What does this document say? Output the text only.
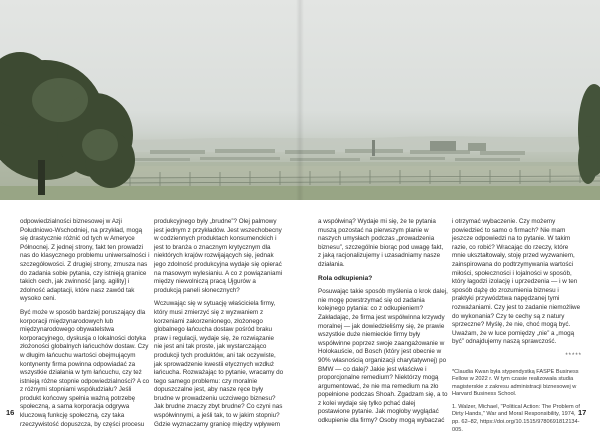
odpowiedzialności biznesowej w Azji Południowo-Wschodniej, na przykład, mogą się drastycznie różnić od tych w Ameryce Północnej. Z jednej strony, fakt ten prowadzi nas do klasycznego problemu uniwersalności i szczegółowości. Z drugiej strony, zmusza nas do zadania sobie pytania, czy istnieją granice takich cech, jak zwinność [ang. agility] i zdolność adaptacji, które nasz zawód tak wysoko ceni.

Być może w sposób bardziej poruszający dla korporacji międzynarodowych lub międzynarodowego obywatelstwa korporacyjnego, dyskusja o lokalności dotyka złożoności globalnych łańcuchów dostaw. Czy w długim łańcuchu wartości obejmującym kontynenty firma powinna odpowiadać za wszystkie działania w tym łańcuchu, czy też istnieją różne stopnie odpowiedzialności? A co z różnymi stopniami współudziału? Jeśli produkt końcowy spełnia ważną potrzebę społeczną, a sama korporacja odgrywa kluczową funkcję społeczną, czy taka rzeczywistość dopuszcza, by części procesu

produkcyjnego były „brudne”? Olej palmowy jest jednym z przykładów. Jest wszechobecny w codziennych produktach konsumenckich i jest to branża o znacznym krytycznym dla niektórych krajów rozwijających się, jednak jego zdolność produkcyjna wydaje się opierać na masowym wylesianiu. A co z powiązaniami między niewolniczą pracą Ujgurów a produkcją paneli słonecznych?

Wczuwając się w sytuację właściciela firmy, który musi zmierzyć się z wyzwaniem z korzeniami zakorzenionego, złożonego globalnego łańcucha dostaw pośród braku praw i regulacji, wydaje się, że rozwiązanie nie jest ani tak proste, jak wystarczająco produkcji tych produktów, ani tak oczywiste, jak sprowadzenie kwestii etycznych wzdłuż łańcucha. Rozważając to pytanie, wracamy do tego samego problemu: czy moralnie dopuszczalne jest, aby nasze ręce były brudne w prowadzeniu uczciwego biznesu? Jak brudne znaczy zbyt brudne? Co czyni nas współwinnymi, a jeśli tak, to w jakim stopniu? Gdzie wyznaczamy granicę między wpływem

a współwiną? Wydaje mi się, że te pytania muszą pozostać na pierwszym planie w naszych umysłach podczas „prowadzenia biznesu”, szczególnie biorąc pod uwagę fakt, z jaką racjonalizujemy i uzasadniamy nasze działania.

Rola odkupienia?

Posuwając takie sposób myślenia o krok dalej, nie mogę powstrzymać się od zadania kolejnego pytania: co z odkupieniem? Zakładając, że firma jest współwinna krzywdy moralnej — jak dowiedzieliśmy się, że prawie wszystkie duże niemieckie firmy były współwinne poprzez swoje zaangażowanie w Holokauście, od Bosch (który jest obecnie w 90% własnością organizacji charytatywnej) po BMW — co dalej? Jakie jest właściwe i proporcjonalne remedium? Niektórzy mogą argumentować, że nie ma remedium na zło popełnione podczas Shoah. Zgadzam się, a to z kolei wydaje się tylko pchać dalej postawione pytanie. Jak mogłoby wyglądać odkupienie dla firmy? Osoby mogą wybaczać

i otrzymać wybaczenie. Czy możemy powiedzieć to samo o firmach? Nie mam jeszcze odpowiedzi na to pytanie. W takim razie, co robić? Wracając do rzeczy, które mnie ukształtowały, stoję przed wyzwaniem, zainspirowana do podtrzymywania wartości miłości, społeczności i lojalności w sposób, który łagodzi izolację i uprzedzenia — i w ten sposób dążę do zrozumienia biznesu i praktyki przywództwa napędzanej tymi rozważaniami. Czy jest to zadanie niemożliwe do wykonania? Czy te cechy są z natury sprzeczne? Myślę, że nie, choć mogą być. Uważam, że w luce pomiędzy „nie” a „mogą być” odnajdujemy naszą sprawczość.

*****

*Claudia Kwan była stypendystką FASPE Business Fellow w 2022 r. W tym czasie realizowała studia magisterskie z zakresu administracji biznesowej w Harvard Business School.

1. Walzer, Michael, "Political Action: The Problem of Dirty Hands," War and Moral Responsibility, 1974, pp. 62–82, https://doi.org/10.1515/9780691812134-005.

16	17
